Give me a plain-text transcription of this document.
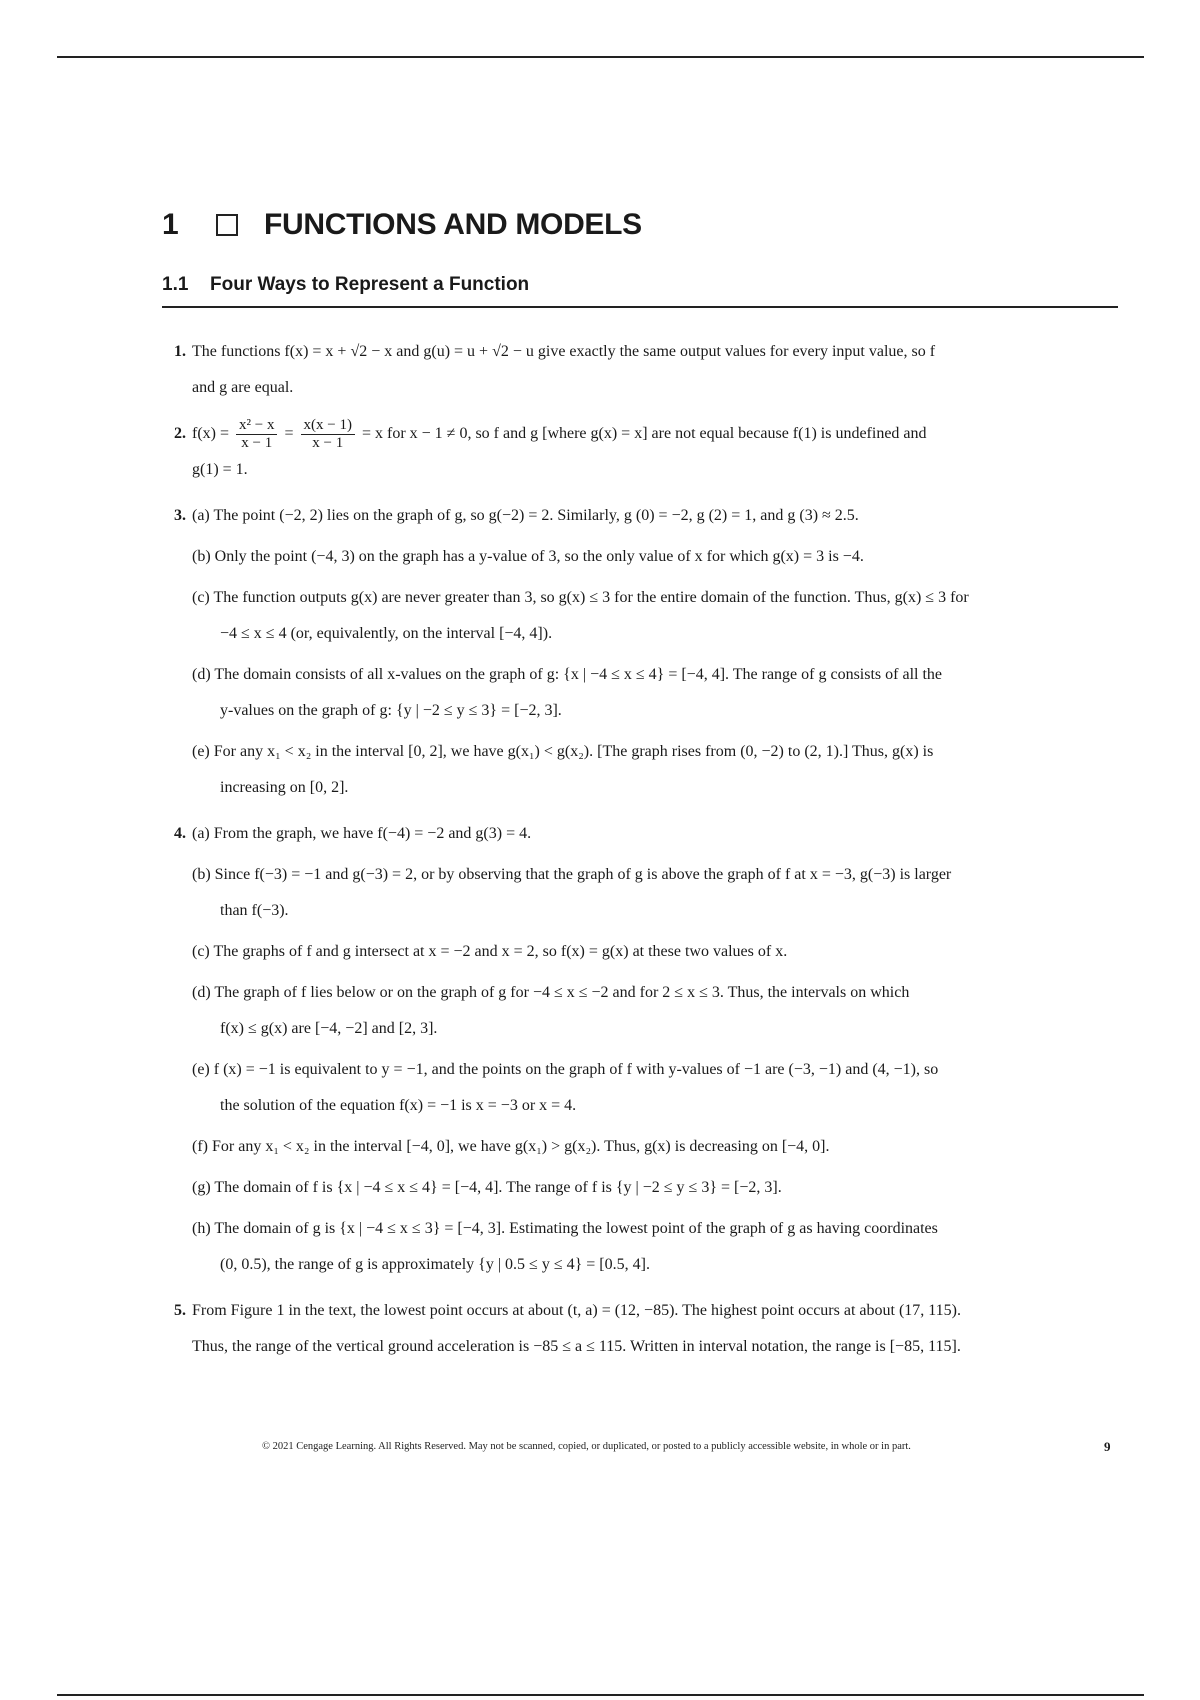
1	FUNCTIONS AND MODELS
1.1	Four Ways to Represent a Function
1. The functions f(x) = x + √2 − x and g(u) = u + √2 − u give exactly the same output values for every input value, so f
and g are equal.
2. $f(x) = \frac{\text{x² − x}}{x - 1} = \frac{x(x - 1)}{x - 1} = x$ for x − 1 ≠ 0, so f and g [where g(x) = x] are not equal because f(1) is undefined and
g(1) = 1.
3. (a) The point (−2, 2) lies on the graph of g, so g(−2) = 2. Similarly, g (0) = −2, g (2) = 1, and g (3) ≈ 2.5.
(b) Only the point (−4, 3) on the graph has a y-value of 3, so the only value of x for which g(x) = 3 is −4.
(c) The function outputs g(x) are never greater than 3, so g(x) ≤ 3 for the entire domain of the function. Thus, g(x) ≤ 3 for
−4 ≤ x ≤ 4 (or, equivalently, on the interval [−4, 4]).
(d) The domain consists of all x-values on the graph of g: {x | −4 ≤ x ≤ 4} = [−4, 4]. The range of g consists of all the
y-values on the graph of g: {y | −2 ≤ y ≤ 3} = [−2, 3].
(e) For any x₁ < x₂ in the interval [0, 2], we have g(x₁) < g(x₂). [The graph rises from (0, −2) to (2, 1).] Thus, g(x) is
increasing on [0, 2].
4. (a) From the graph, we have f(−4) = −2 and g(3) = 4.
(b) Since f(−3) = −1 and g(−3) = 2, or by observing that the graph of g is above the graph of f at x = −3, g(−3) is larger
than f(−3).
(c) The graphs of f and g intersect at x = −2 and x = 2, so f(x) = g(x) at these two values of x.
(d) The graph of f lies below or on the graph of g for −4 ≤ x ≤ −2 and for 2 ≤ x ≤ 3. Thus, the intervals on which
f(x) ≤ g(x) are [−4, −2] and [2, 3].
(e) f (x) = −1 is equivalent to y = −1, and the points on the graph of f with y-values of −1 are (−3, −1) and (4, −1), so
the solution of the equation f(x) = −1 is x = −3 or x = 4.
(f) For any x₁ < x₂ in the interval [−4, 0], we have g(x₁) > g(x₂). Thus, g(x) is decreasing on [−4, 0].
(g) The domain of f is {x | −4 ≤ x ≤ 4} = [−4, 4]. The range of f is {y | −2 ≤ y ≤ 3} = [−2, 3].
(h) The domain of g is {x | −4 ≤ x ≤ 3} = [−4, 3]. Estimating the lowest point of the graph of g as having coordinates
(0, 0.5), the range of g is approximately {y | 0.5 ≤ y ≤ 4} = [0.5, 4].
5. From Figure 1 in the text, the lowest point occurs at about (t, a) = (12, −85). The highest point occurs at about (17, 115).
Thus, the range of the vertical ground acceleration is −85 ≤ a ≤ 115. Written in interval notation, the range is [−85, 115].
© 2021 Cengage Learning. All Rights Reserved. May not be scanned, copied, or duplicated, or posted to a publicly accessible website, in whole or in part.	9
